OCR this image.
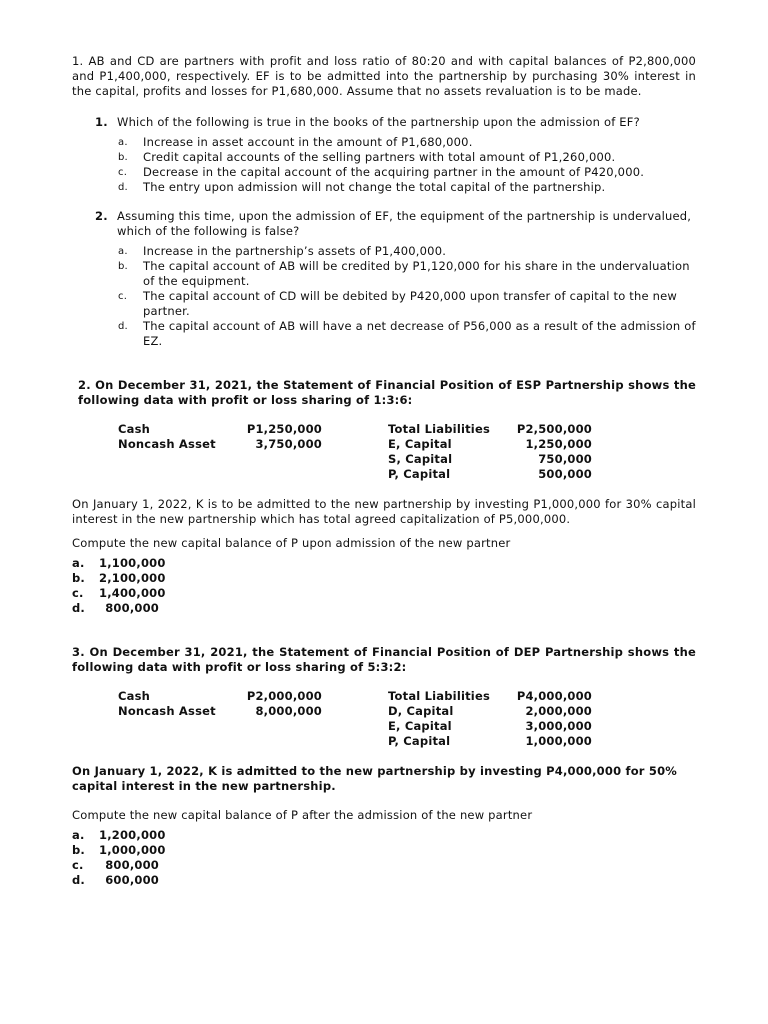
1. AB and CD are partners with profit and loss ratio of 80:20 and with capital balances of P2,800,000 and P1,400,000, respectively. EF is to be admitted into the partnership by purchasing 30% interest in the capital, profits and losses for P1,680,000. Assume that no assets revaluation is to be made.

1. Which of the following is true in the books of the partnership upon the admission of EF?
a. Increase in asset account in the amount of P1,680,000.
b. Credit capital accounts of the selling partners with total amount of P1,260,000.
c. Decrease in the capital account of the acquiring partner in the amount of P420,000.
d. The entry upon admission will not change the total capital of the partnership.
2. Assuming this time, upon the admission of EF, the equipment of the partnership is undervalued, which of the following is false?
a. Increase in the partnership’s assets of P1,400,000.
b. The capital account of AB will be credited by P1,120,000 for his share in the undervaluation of the equipment.
c. The capital account of CD will be debited by P420,000 upon transfer of capital to the new partner.
d. The capital account of AB will have a net decrease of P56,000 as a result of the admission of EZ.

2. On December 31, 2021, the Statement of Financial Position of ESP Partnership shows the following data with profit or loss sharing of 1:3:6:

Cash	P1,250,000
Noncash Asset	3,750,000
Total Liabilities	P2,500,000
E, Capital	1,250,000
S, Capital	750,000
P, Capital	500,000

On January 1, 2022, K is to be admitted to the new partnership by investing P1,000,000 for 30% capital interest in the new partnership which has total agreed capitalization of P5,000,000.

Compute the new capital balance of P upon admission of the new partner

a. 1,100,000
b. 2,100,000
c. 1,400,000
d.	800,000

3. On December 31, 2021, the Statement of Financial Position of DEP Partnership shows the following data with profit or loss sharing of 5:3:2:

Cash	P2,000,000
Noncash Asset	8,000,000
Total Liabilities	P4,000,000
D, Capital	2,000,000
E, Capital	3,000,000
P, Capital	1,000,000

On January 1, 2022, K is admitted to the new partnership by investing P4,000,000 for 50% capital interest in the new partnership.

Compute the new capital balance of P after the admission of the new partner

a. 1,200,000
b. 1,000,000
c.	800,000
d.	600,000
